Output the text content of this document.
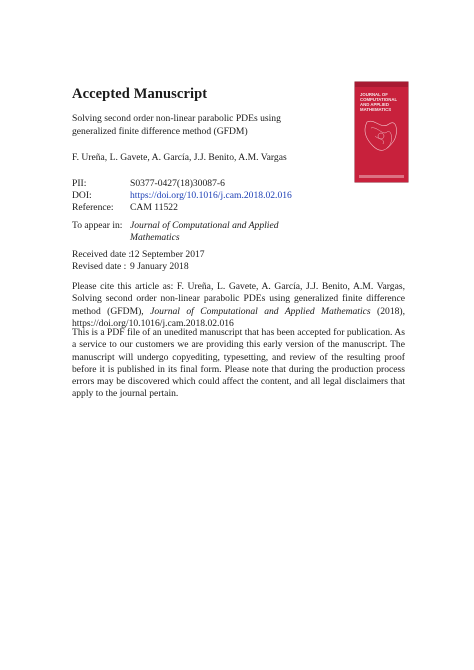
Accepted Manuscript
Solving second order non-linear parabolic PDEs using generalized finite difference method (GFDM)
F. Ureña, L. Gavete, A. García, J.J. Benito, A.M. Vargas
JOURNAL OF COMPUTATIONAL AND APPLIED MATHEMATICS
PII:	S0377-0427(18)30087-6
DOI:	https://doi.org/10.1016/j.cam.2018.02.016
Reference: CAM 11522
To appear in: Journal of Computational and Applied
Mathematics
Received date :
12 September 2017
Revised date : 9 January 2018
Please cite this article as: F. Ureña, L. Gavete, A. García, J.J. Benito, A.M. Vargas, Solving second order non-linear parabolic PDEs using generalized finite difference method (GFDM), Journal of Computational and Applied Mathematics (2018), https://doi.org/10.1016/j.cam.2018.02.016
This is a PDF file of an unedited manuscript that has been accepted for publication. As a service to our customers we are providing this early version of the manuscript. The manuscript will undergo copyediting, typesetting, and review of the resulting proof before it is published in its final form. Please note that during the production process errors may be discovered which could affect the content, and all legal disclaimers that apply to the journal pertain.
